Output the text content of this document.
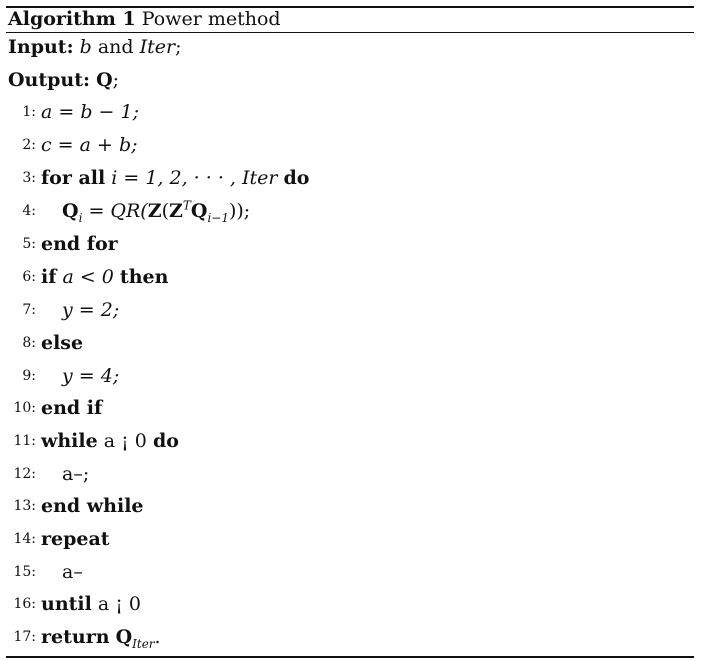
Algorithm 1 Power method
Input: b and Iter;
Output: Q;
1: a = b − 1;
2: c = a + b;
3: for all i = 1, 2, · · · , Iter do
4: $Q_i = QR(Z(Z^TQ_{i-1}))$;
5: end for
6: if a < 0 then
7: y = 2;
8: else
9: y = 4;
10: end if
11: while a ¡ 0 do
12: a–;
13: end while
14: repeat
15: a–
16: until a ¡ 0
17: return $Q_{Iter}$.
